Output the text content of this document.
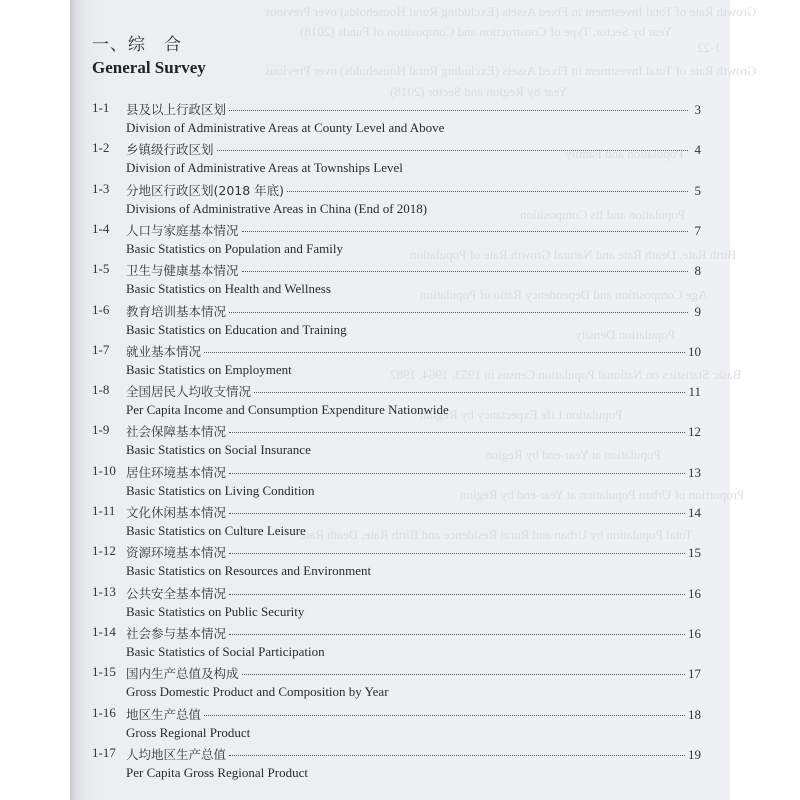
Growth Rate of Total Investment in Fixed Assets (Excluding Rural Households) over Previous
Year by Sector, Type of Construction and Composition of Funds (2018)
1-22
Growth Rate of Total Investment in Fixed Assets (Excluding Rural Households) over Previous
Year by Region and Sector (2018)
Population and Family
Population and Its Composition
Birth Rate, Death Rate and Natural Growth Rate of Population
Age Composition and Dependency Ratio of Population
Population Density
Basic Statistics on National Population Census in 1953, 1964, 1982
Population Life Expectancy by Region
Population at Year-end by Region
Proportion of Urban Population at Year-end by Region
Total Population by Urban and Rural Residence and Birth Rate, Death Rate
一、综　合
General Survey
1-1 县及以上行政区划	3
Division of Administrative Areas at County Level and Above
1-2 乡镇级行政区划	4
Division of Administrative Areas at Townships Level
1-3 分地区行政区划(2018 年底)	5
Divisions of Administrative Areas in China (End of 2018)
1-4 人口与家庭基本情况	7
Basic Statistics on Population and Family
1-5 卫生与健康基本情况	8
Basic Statistics on Health and Wellness
1-6 教育培训基本情况	9
Basic Statistics on Education and Training
1-7 就业基本情况	10
Basic Statistics on Employment
1-8 全国居民人均收支情况	11
Per Capita Income and Consumption Expenditure Nationwide
1-9 社会保障基本情况	12
Basic Statistics on Social Insurance
1-10 居住环境基本情况	13
Basic Statistics on Living Condition
1-11 文化休闲基本情况	14
Basic Statistics on Culture Leisure
1-12 资源环境基本情况	15
Basic Statistics on Resources and Environment
1-13 公共安全基本情况	16
Basic Statistics on Public Security
1-14 社会参与基本情况	16
Basic Statistics of Social Participation
1-15 国内生产总值及构成	17
Gross Domestic Product and Composition by Year
1-16 地区生产总值	18
Gross Regional Product
1-17 人均地区生产总值	19
Per Capita Gross Regional Product
